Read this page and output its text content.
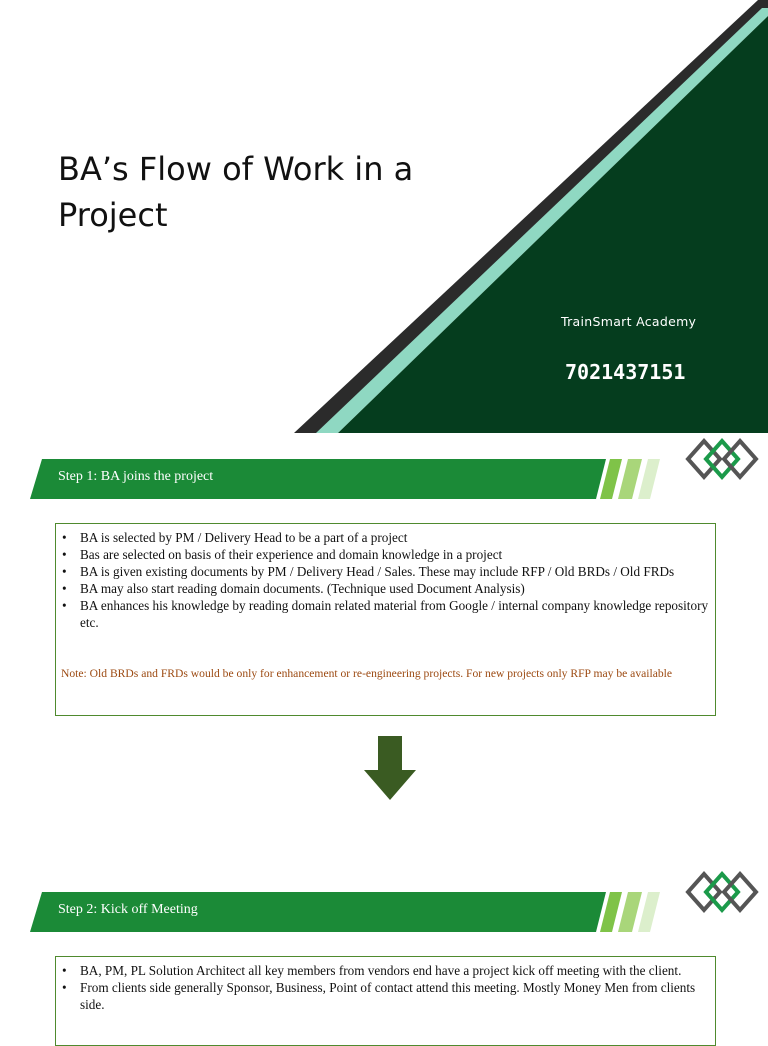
BA’s Flow of Work in a Project
TrainSmart Academy
7021437151
Step 1: BA joins the project
• BA is selected by PM / Delivery Head to be a part of a project
• Bas are selected on basis of their experience and domain knowledge in a project
• BA is given existing documents by PM / Delivery Head / Sales. These may include RFP / Old BRDs / Old FRDs
• BA may also start reading domain documents. (Technique used Document Analysis)
• BA enhances his knowledge by reading domain related material from Google / internal company knowledge repository etc.

Note: Old BRDs and FRDs would be only for enhancement or re-engineering projects. For new projects only RFP may be available

Step 2: Kick off Meeting
• BA, PM, PL Solution Architect all key members from vendors end have a project kick off meeting with the client.
• From clients side generally Sponsor, Business, Point of contact attend this meeting. Mostly Money Men from clients side.
